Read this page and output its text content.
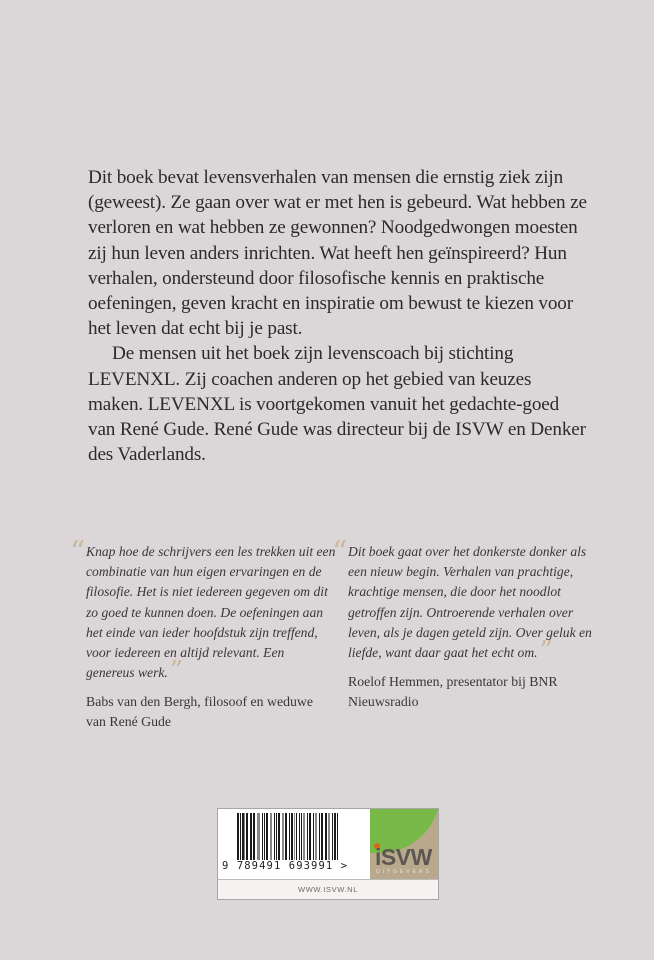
Dit boek bevat levensverhalen van mensen die ernstig ziek zijn (geweest). Ze gaan over wat er met hen is gebeurd. Wat hebben ze verloren en wat hebben ze gewonnen? Noodgedwongen moesten zij hun leven anders inrichten. Wat heeft hen geïnspireerd? Hun verhalen, ondersteund door filosofische kennis en praktische oefeningen, geven kracht en inspiratie om bewust te kiezen voor het leven dat echt bij je past.

De mensen uit het boek zijn levenscoach bij stichting LEVENXL. Zij coachen anderen op het gebied van keuzes maken. LEVENXL is voortgekomen vanuit het gedachte-goed van René Gude. René Gude was directeur bij de ISVW en Denker des Vaderlands.

“ Knap hoe de schrijvers een les trekken uit een combinatie van hun eigen ervaringen en de filosofie. Het is niet iedereen gegeven om dit zo goed te kunnen doen. De oefeningen aan het einde van ieder hoofdstuk zijn treffend, voor iedereen en altijd relevant. Een genereus werk.”

Babs van den Bergh, filosoof en weduwe van René Gude

“ Dit boek gaat over het donkerste donker als een nieuw begin. Verhalen van prachtige, krachtige mensen, die door het noodlot getroffen zijn. Ontroerende verhalen over leven, als je dagen geteld zijn. Over geluk en liefde, want daar gaat het echt om.”

Roelof Hemmen, presentator bij BNR Nieuwsradio
9 789491 693991 > iSVW
UITGEVERS
WWW.ISVW.NL
